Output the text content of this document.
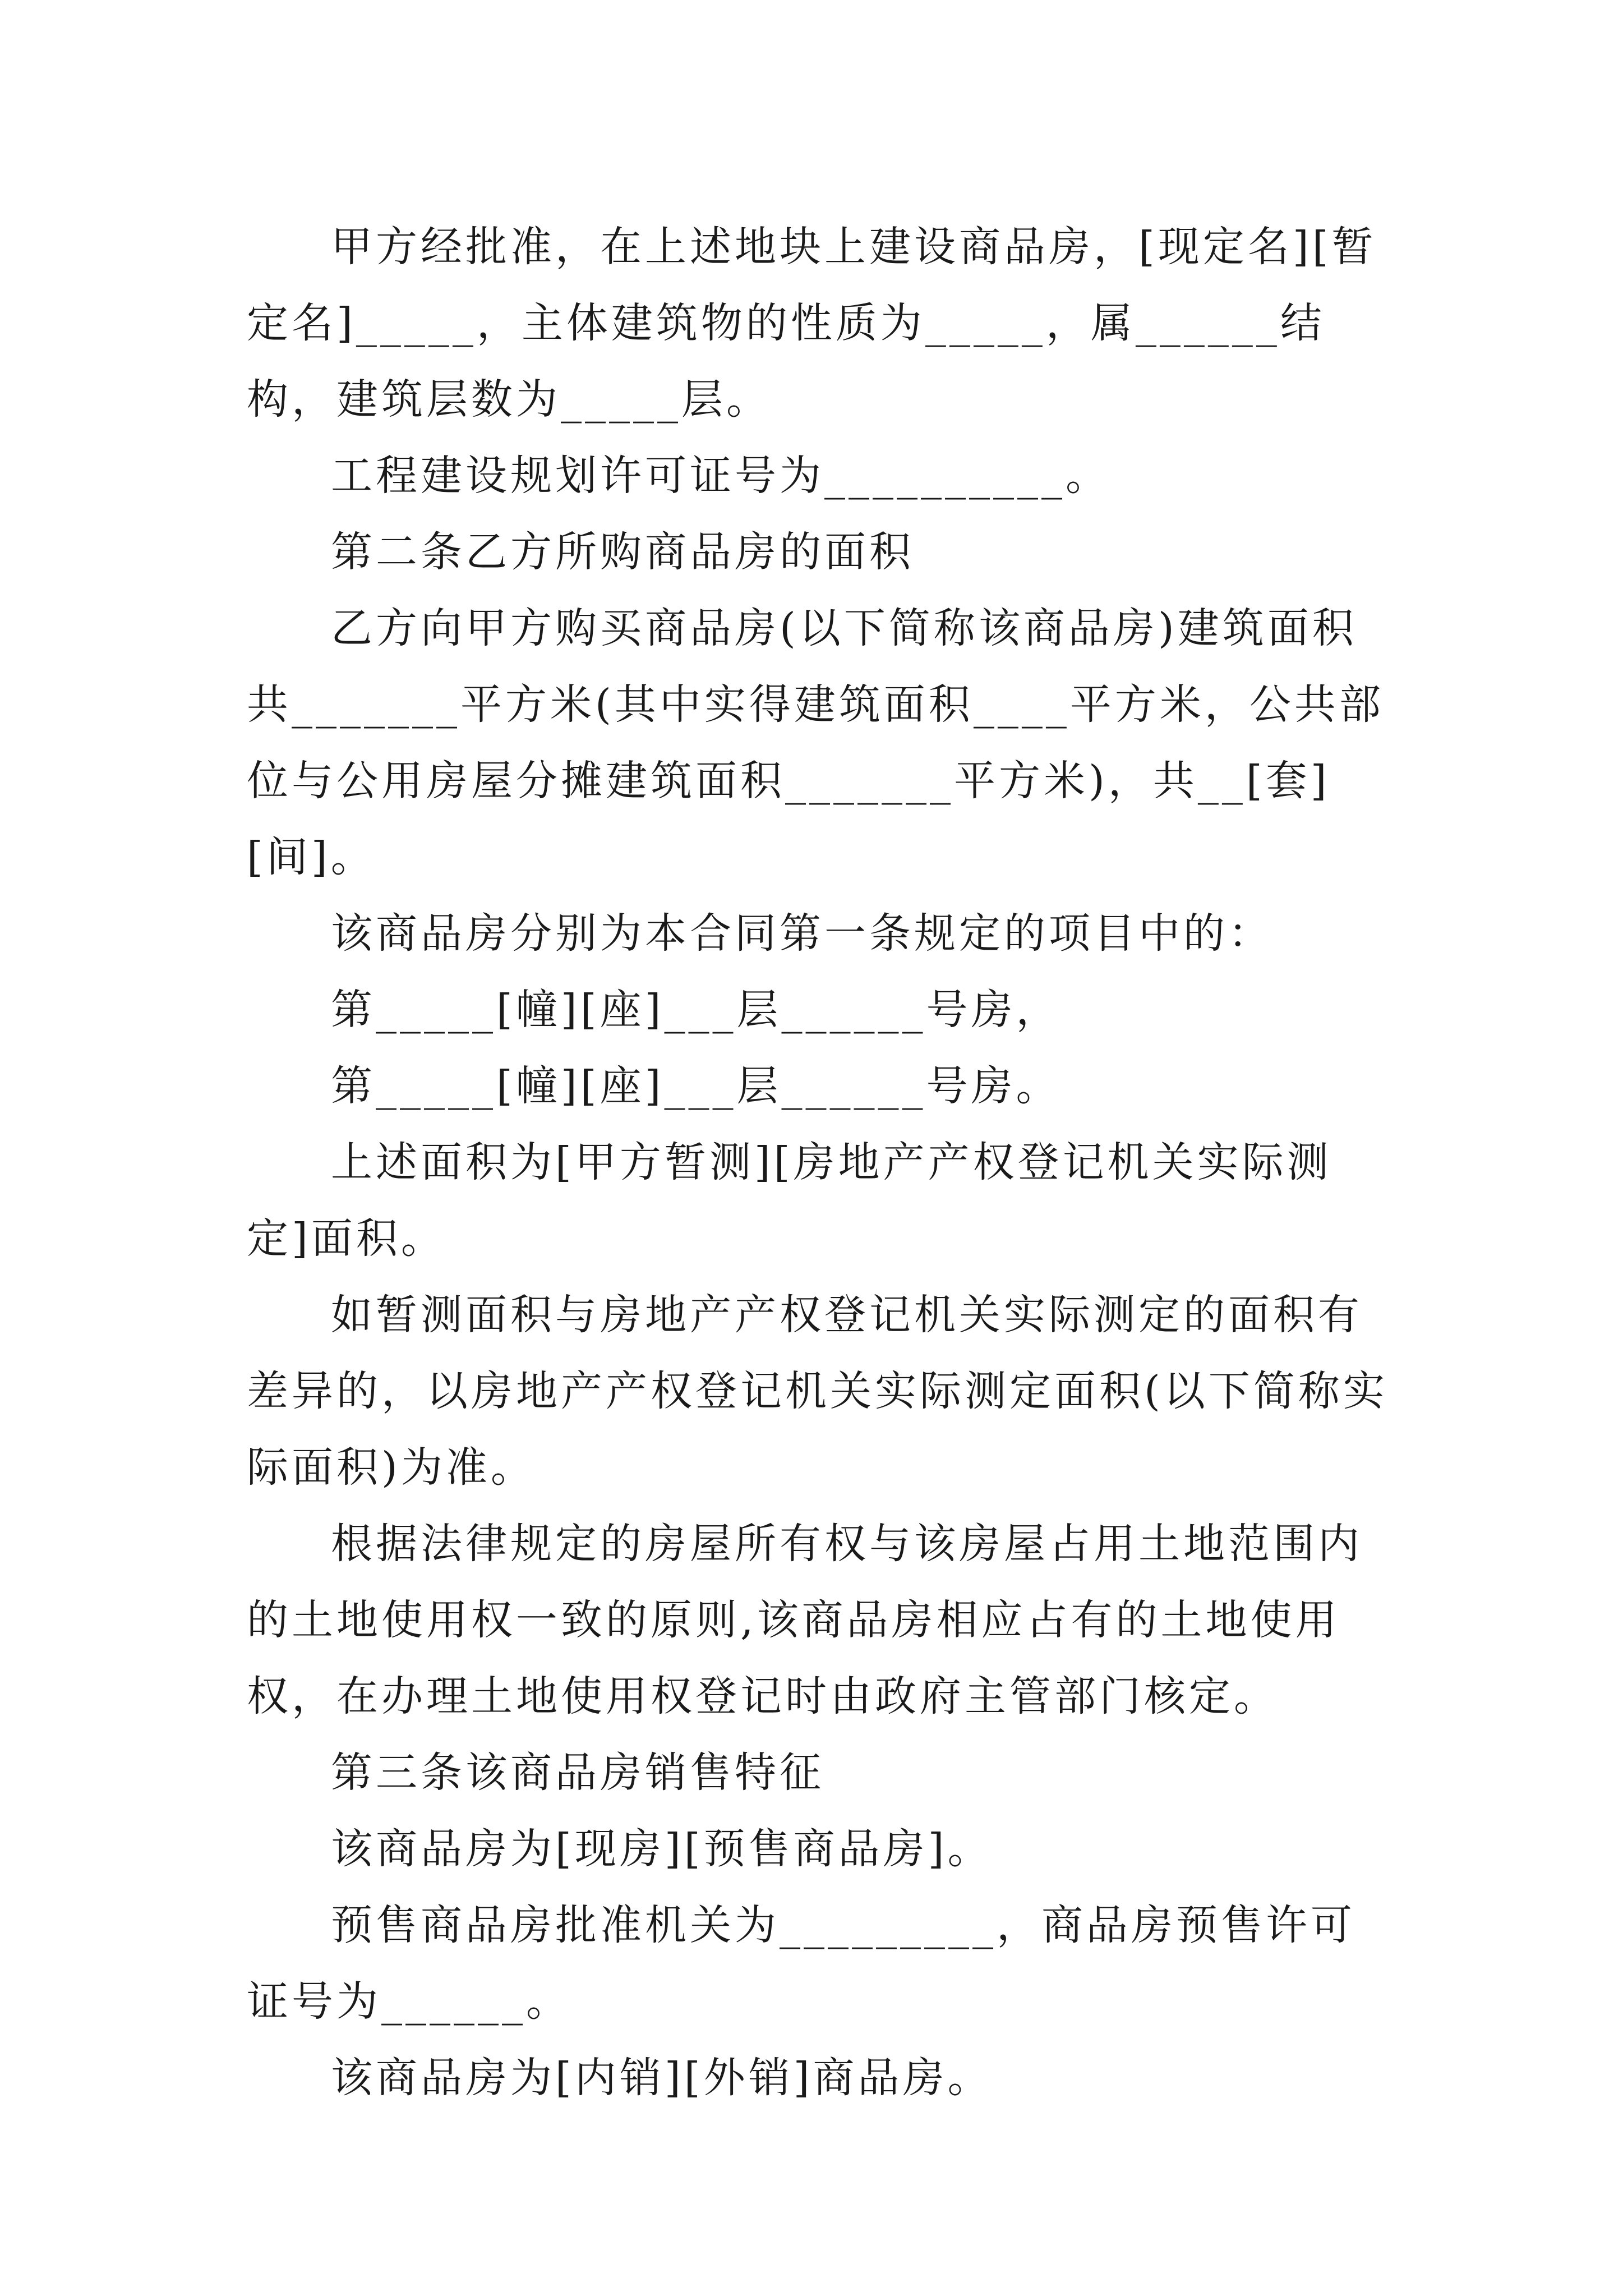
甲方经批准，在上述地块上建设商品房，[现定名][暂定名]_____，主体建筑物的性质为_____，属______结构，建筑层数为_____层。

工程建设规划许可证号为__________。

第二条乙方所购商品房的面积

乙方向甲方购买商品房(以下简称该商品房)建筑面积共_______平方米(其中实得建筑面积____平方米，公共部位与公用房屋分摊建筑面积_______平方米)，共__[套][间]。

该商品房分别为本合同第一条规定的项目中的：

第_____[幢][座]___层______号房，

第_____[幢][座]___层______号房。

上述面积为[甲方暂测][房地产产权登记机关实际测定]面积。

如暂测面积与房地产产权登记机关实际测定的面积有差异的，以房地产产权登记机关实际测定面积(以下简称实际面积)为准。

根据法律规定的房屋所有权与该房屋占用土地范围内的土地使用权一致的原则,该商品房相应占有的土地使用权，在办理土地使用权登记时由政府主管部门核定。

第三条该商品房销售特征

该商品房为[现房][预售商品房]。

预售商品房批准机关为_________，商品房预售许可证号为______。

该商品房为[内销][外销]商品房。
